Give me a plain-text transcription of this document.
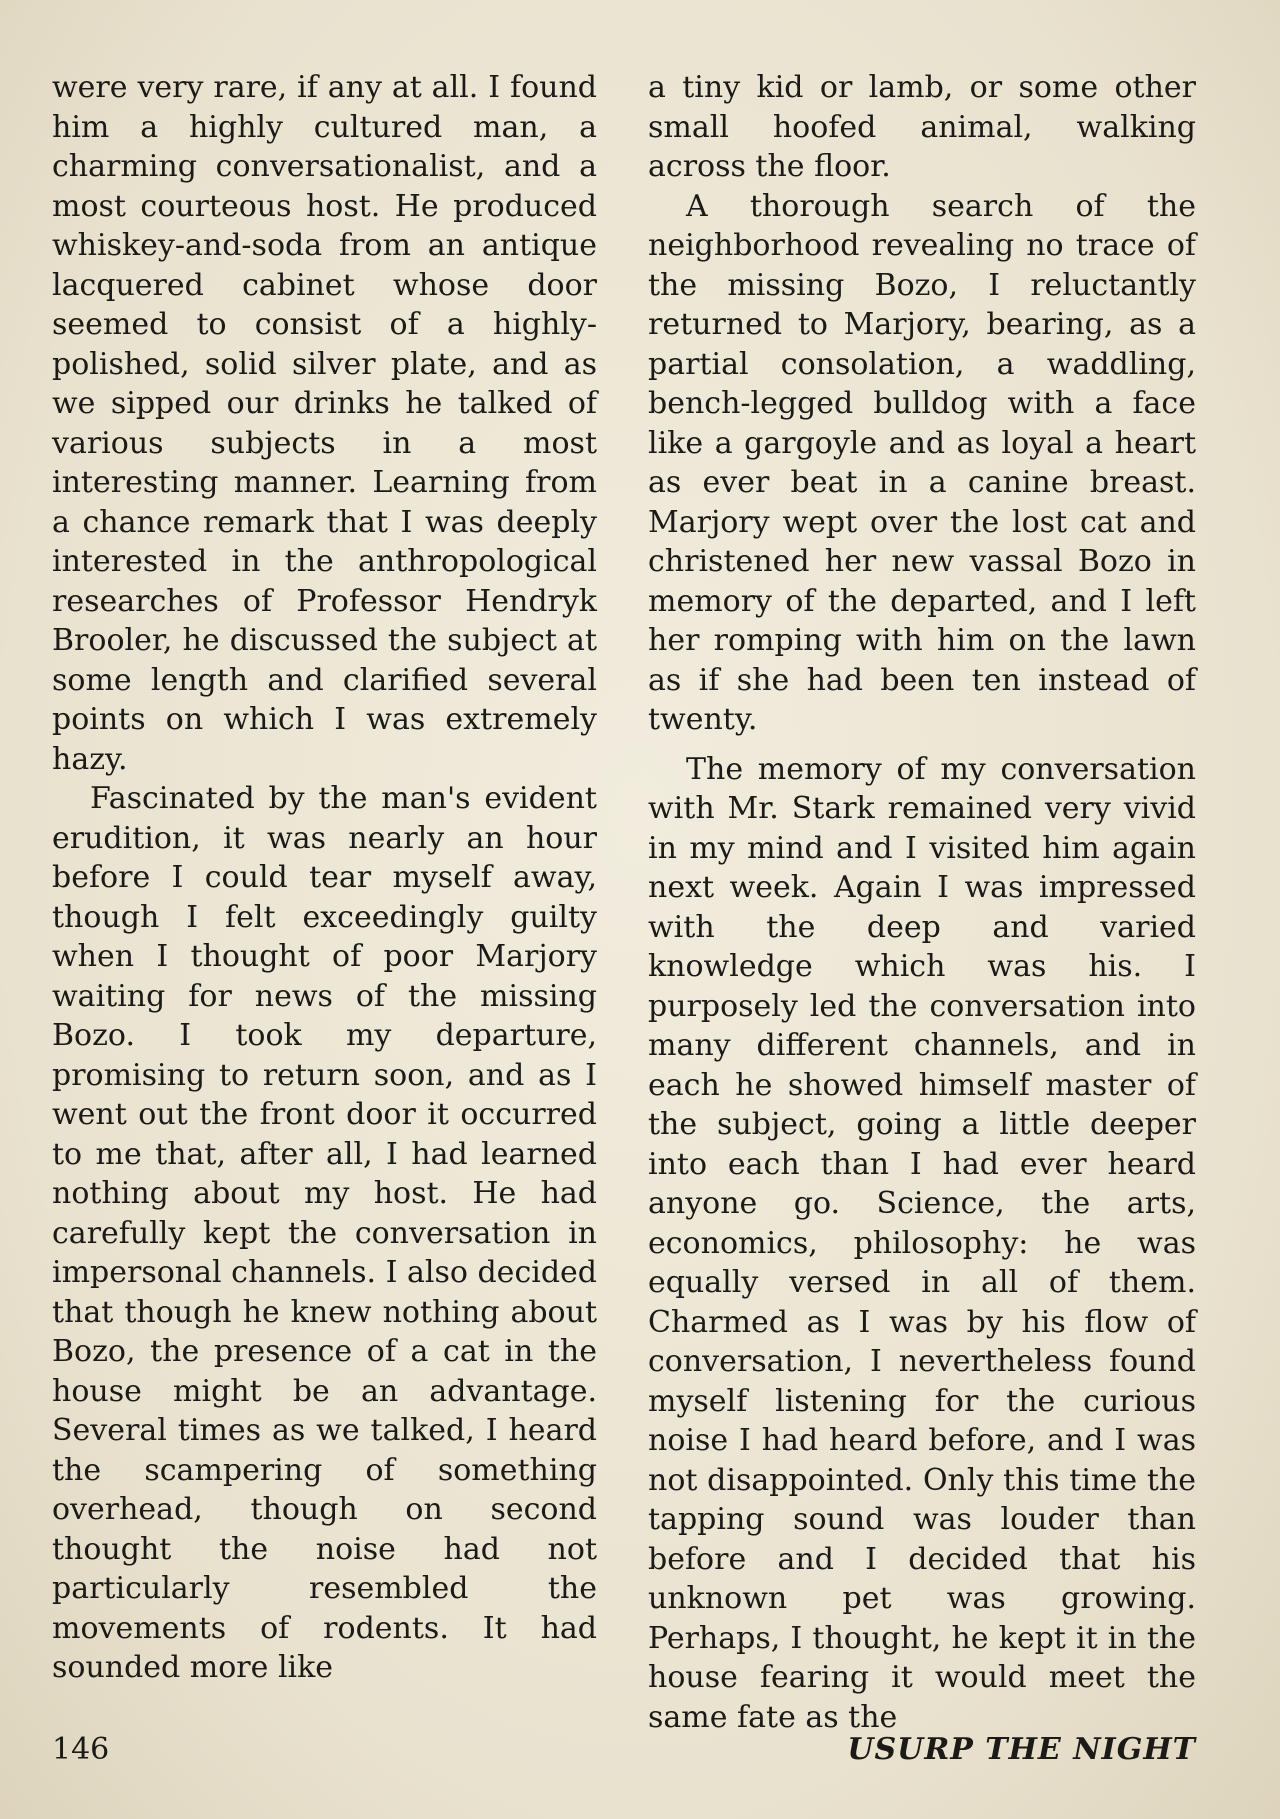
were very rare, if any at all. I found him a highly cultured man, a charming conversationalist, and a most courteous host. He produced whiskey-and-soda from an antique lacquered cabinet whose door seemed to consist of a highly-polished, solid silver plate, and as we sipped our drinks he talked of various subjects in a most interesting manner. Learning from a chance remark that I was deeply interested in the anthropological researches of Professor Hendryk Brooler, he discussed the subject at some length and clarified several points on which I was extremely hazy.

Fascinated by the man's evident erudition, it was nearly an hour before I could tear myself away, though I felt exceedingly guilty when I thought of poor Marjory waiting for news of the missing Bozo. I took my departure, promising to return soon, and as I went out the front door it occurred to me that, after all, I had learned nothing about my host. He had carefully kept the conversation in impersonal channels. I also decided that though he knew nothing about Bozo, the presence of a cat in the house might be an advantage. Several times as we talked, I heard the scampering of something overhead, though on second thought the noise had not particularly resembled the movements of rodents. It had sounded more like

a tiny kid or lamb, or some other small hoofed animal, walking across the floor.

A thorough search of the neighborhood revealing no trace of the missing Bozo, I reluctantly returned to Marjory, bearing, as a partial consolation, a waddling, bench-legged bulldog with a face like a gargoyle and as loyal a heart as ever beat in a canine breast. Marjory wept over the lost cat and christened her new vassal Bozo in memory of the departed, and I left her romping with him on the lawn as if she had been ten instead of twenty.

The memory of my conversation with Mr. Stark remained very vivid in my mind and I visited him again next week. Again I was impressed with the deep and varied knowledge which was his. I purposely led the conversation into many different channels, and in each he showed himself master of the subject, going a little deeper into each than I had ever heard anyone go. Science, the arts, economics, philosophy: he was equally versed in all of them. Charmed as I was by his flow of conversation, I nevertheless found myself listening for the curious noise I had heard before, and I was not disappointed. Only this time the tapping sound was louder than before and I decided that his unknown pet was growing. Perhaps, I thought, he kept it in the house fearing it would meet the same fate as the

146	USURP THE NIGHT
